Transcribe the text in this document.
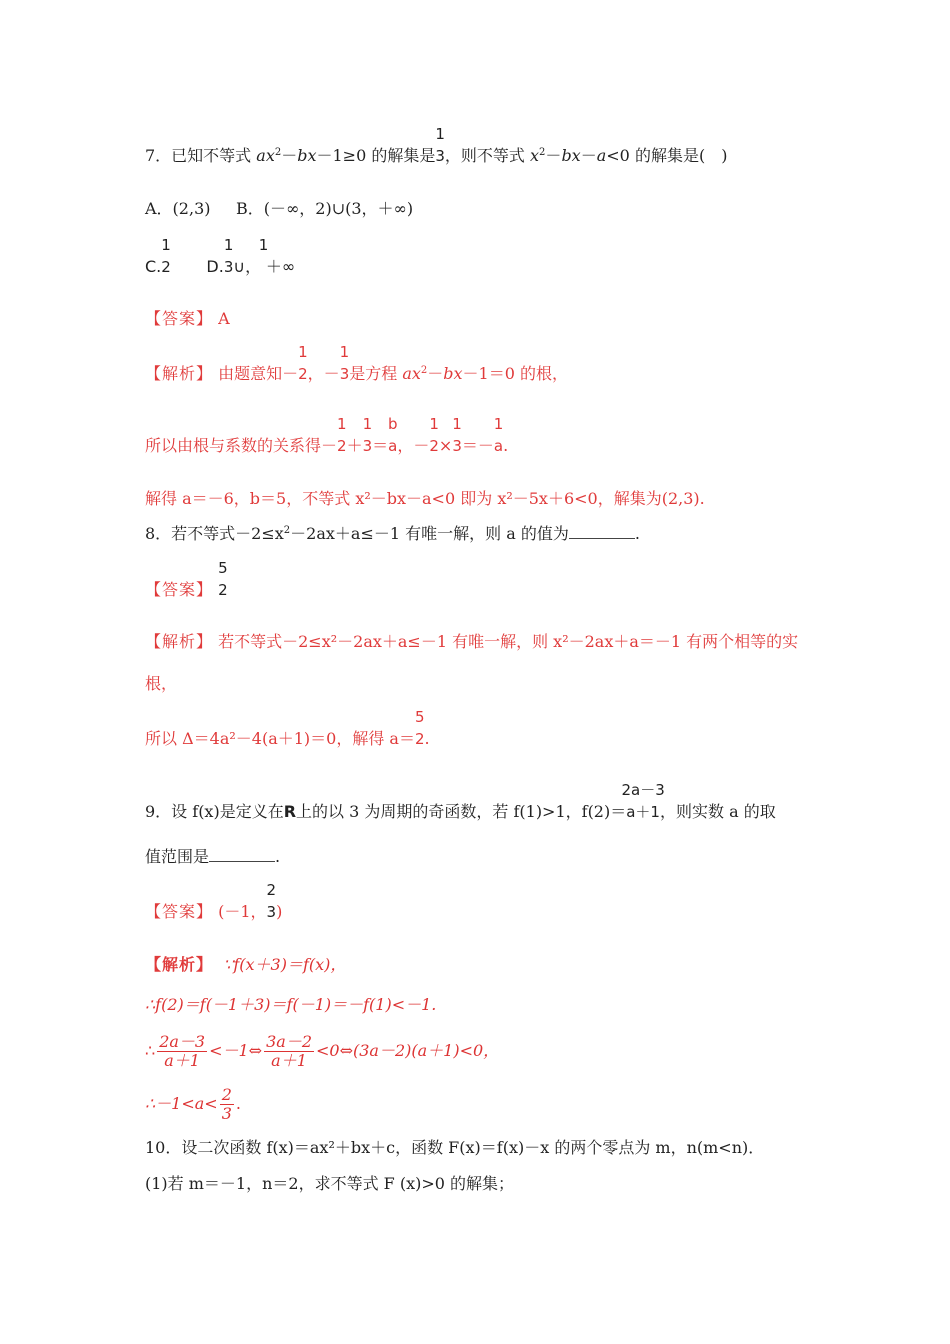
7．已知不等式 $ax^2-bx-1\ge 0$ 的解集是
1
3，则不等式 $x^2-bx-a<0$ 的解集是(　)
A．(2,3) B．(－∞，2)∪(3，＋∞)
C.
1
2 D.
1
3∪，
1
＋∞
【答案】 A
【解析】 由题意知－
1
2，－
1
3是方程 $ax^2-bx-1=0$ 的根，
所以由根与系数的关系得－
1
2＋
1
3＝
b
a，－
1
2×
1
3＝－
1
a.
解得 a＝－6，b＝5，不等式 x²－bx－a<0 即为 x²－5x＋6<0，解集为(2,3).
8．若不等式$-2\le x^2-2ax+a\le-1$ 有唯一解，则 a 的值为	.
【答案】
5
2
【解析】 若不等式－2≤x²－2ax＋a≤－1 有唯一解，则 x²－2ax＋a＝－1 有两个相等的实
根，
所以 Δ＝4a²－4(a＋1)＝0，解得 a＝
5
2.
9．设 f(x)是定义在R上的以 3 为周期的奇函数，若 f(1)>1，f(2)＝
2a－3
a＋1，则实数 a 的取
值范围是	.
【答案】 (－1，
2
3)
【解析】 ∵f(x＋3)＝f(x)，
∴f(2)＝f(－1＋3)＝f(－1)＝－f(1)<－1.
∴ $\frac{2a-3}{a+1}$ <－1⇔ $\frac{3a-2}{a+1}$ <0⇔(3a－2)(a＋1)<0，
∴－1<a< $\frac{2}{3}$ .
10．设二次函数 f(x)＝ax²＋bx＋c，函数 F(x)＝f(x)－x 的两个零点为 m，n(m<n)．
(1)若 m＝－1，n＝2，求不等式 F (x)>0 的解集；
